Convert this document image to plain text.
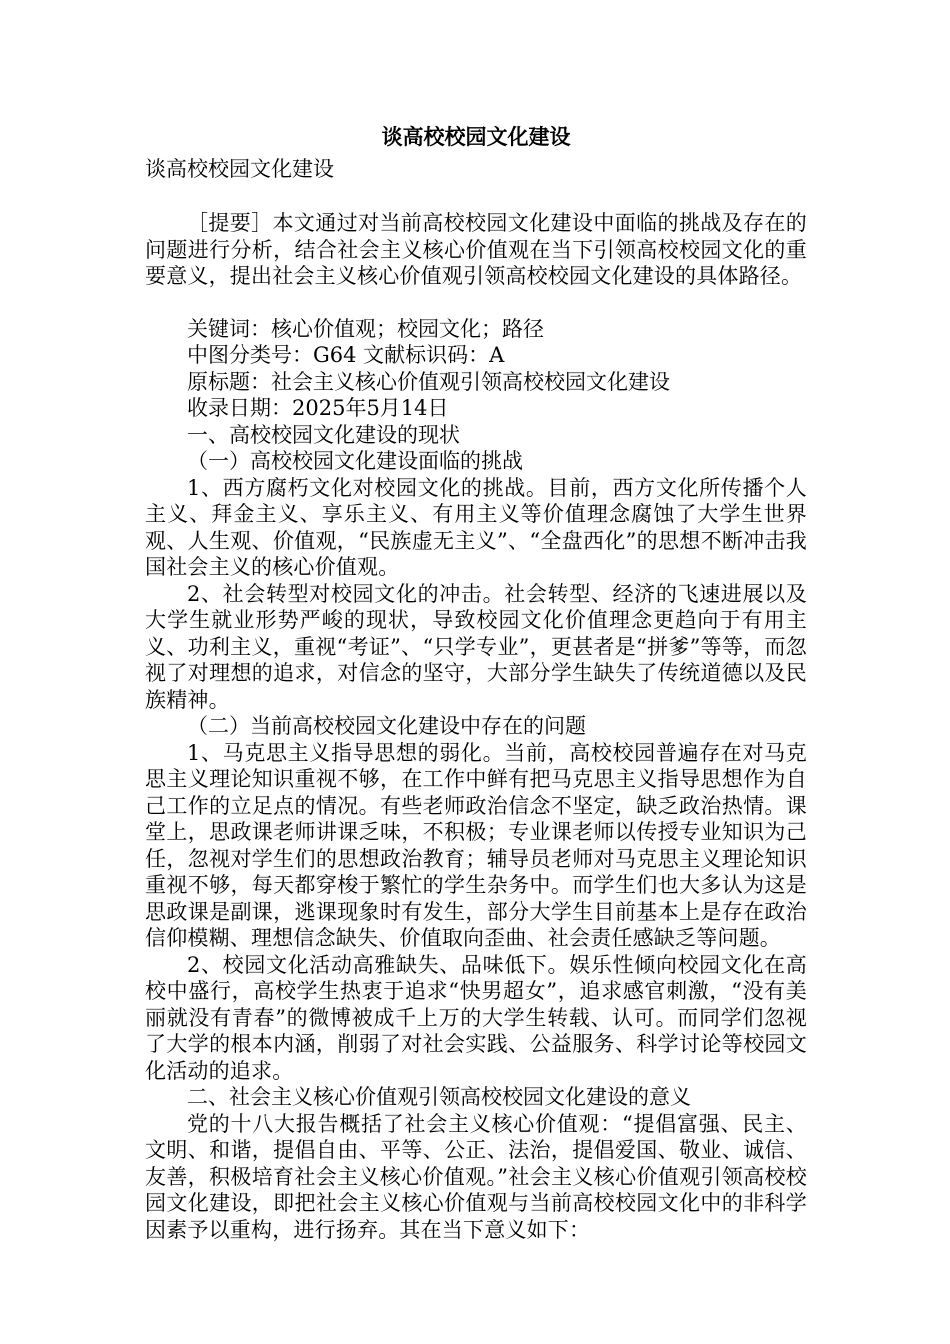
谈高校校园文化建设

谈高校校园文化建设

［提要］本文通过对当前高校校园文化建设中面临的挑战及存在的问题进行分析，结合社会主义核心价值观在当下引领高校校园文化的重要意义，提出社会主义核心价值观引领高校校园文化建设的具体路径。

关键词：核心价值观；校园文化；路径

中图分类号：G64 文献标识码：A

原标题：社会主义核心价值观引领高校校园文化建设

收录日期：2025年5月14日

一、高校校园文化建设的现状

（一）高校校园文化建设面临的挑战

1、西方腐朽文化对校园文化的挑战。目前，西方文化所传播个人主义、拜金主义、享乐主义、有用主义等价值理念腐蚀了大学生世界观、人生观、价值观，“民族虚无主义”、“全盘西化”的思想不断冲击我国社会主义的核心价值观。

2、社会转型对校园文化的冲击。社会转型、经济的飞速进展以及大学生就业形势严峻的现状，导致校园文化价值理念更趋向于有用主义、功利主义，重视“考证”、“只学专业”，更甚者是“拼爹”等等，而忽视了对理想的追求，对信念的坚守，大部分学生缺失了传统道德以及民族精神。

（二）当前高校校园文化建设中存在的问题

1、马克思主义指导思想的弱化。当前，高校校园普遍存在对马克思主义理论知识重视不够，在工作中鲜有把马克思主义指导思想作为自己工作的立足点的情况。有些老师政治信念不坚定，缺乏政治热情。课堂上，思政课老师讲课乏味，不积极；专业课老师以传授专业知识为己任，忽视对学生们的思想政治教育；辅导员老师对马克思主义理论知识重视不够，每天都穿梭于繁忙的学生杂务中。而学生们也大多认为这是思政课是副课，逃课现象时有发生，部分大学生目前基本上是存在政治信仰模糊、理想信念缺失、价值取向歪曲、社会责任感缺乏等问题。

2、校园文化活动高雅缺失、品味低下。娱乐性倾向校园文化在高校中盛行，高校学生热衷于追求“快男超女”，追求感官刺激，“没有美丽就没有青春”的微博被成千上万的大学生转载、认可。而同学们忽视了大学的根本内涵，削弱了对社会实践、公益服务、科学讨论等校园文化活动的追求。

二、社会主义核心价值观引领高校校园文化建设的意义

党的十八大报告概括了社会主义核心价值观：“提倡富强、民主、文明、和谐，提倡自由、平等、公正、法治，提倡爱国、敬业、诚信、友善，积极培育社会主义核心价值观。”社会主义核心价值观引领高校校园文化建设，即把社会主义核心价值观与当前高校校园文化中的非科学因素予以重构，进行扬弃。其在当下意义如下：
